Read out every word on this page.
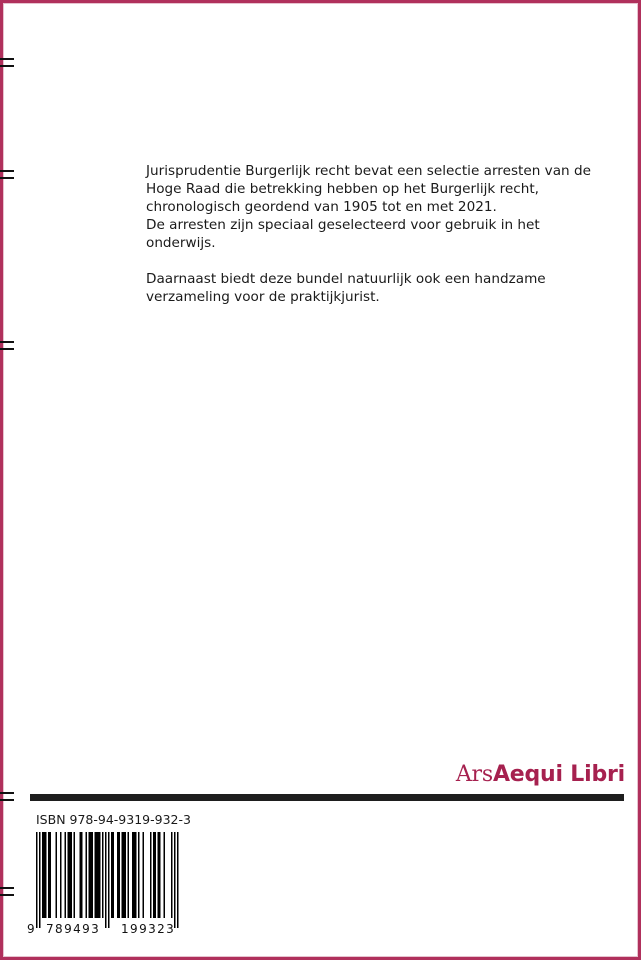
Jurisprudentie Burgerlijk recht bevat een selectie arresten van de
Hoge Raad die betrekking hebben op het Burgerlijk recht,
chronologisch geordend van 1905 tot en met 2021.
De arresten zijn speciaal geselecteerd voor gebruik in het
onderwijs.

Daarnaast biedt deze bundel natuurlijk ook een handzame
verzameling voor de praktijkjurist.

ArsAequi Libri
ISBN 978-94-9319-932-3
9 789493 199323
